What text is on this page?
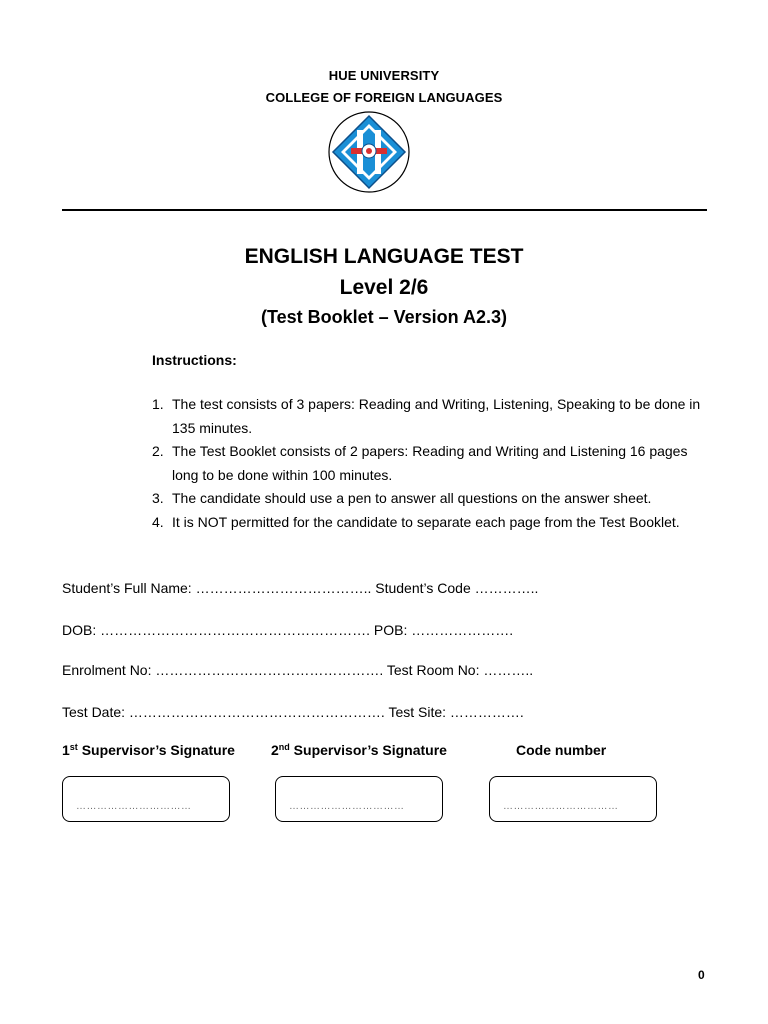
HUE UNIVERSITY
COLLEGE OF FOREIGN LANGUAGES
ENGLISH LANGUAGE TEST
Level 2/6
(Test Booklet – Version A2.3)
Instructions:
1. The test consists of 3 papers: Reading and Writing, Listening, Speaking to be done in 135 minutes.
2. The Test Booklet consists of 2 papers: Reading and Writing and Listening 16 pages long to be done within 100 minutes.
3. The candidate should use a pen to answer all questions on the answer sheet.
4. It is NOT permitted for the candidate to separate each page from the Test Booklet.
Student’s Full Name: ……………………………….. Student’s Code …………..
DOB: …………………………………………………. POB: ………………….
Enrolment No: …………………………………………. Test Room No: ………..
Test Date: ………………………………………………. Test Site: …………….
1st Supervisor’s Signature	2nd Supervisor’s Signature	Code number
……………………………	……………………………	……………………………
0
